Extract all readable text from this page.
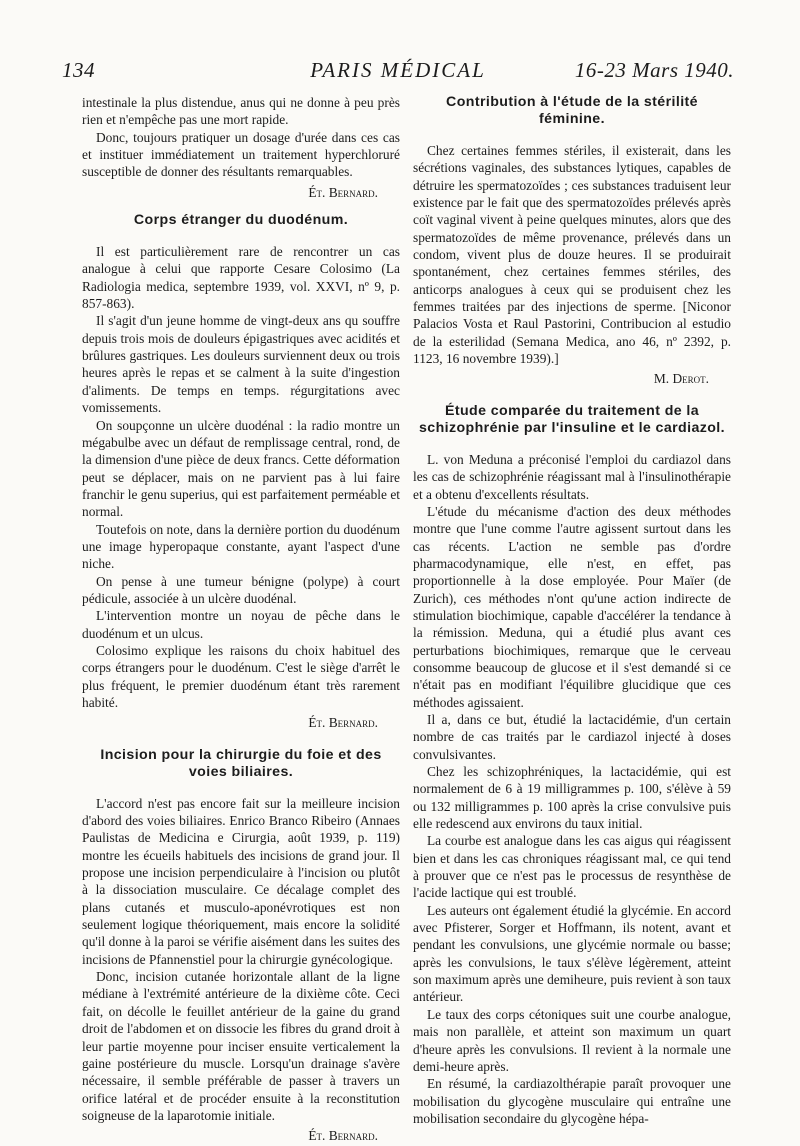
134	PARIS MÉDICAL	16-23 Mars 1940.

intestinale la plus distendue, anus qui ne donne à peu près rien et n'empêche pas une mort rapide.

Donc, toujours pratiquer un dosage d'urée dans ces cas et instituer immédiatement un traitement hyperchloruré susceptible de donner des résultants remarquables.

Ét. Bernard.

Corps étranger du duodénum.

Il est particulièrement rare de rencontrer un cas analogue à celui que rapporte Cesare Colosimo (La Radiologia medica, septembre 1939, vol. XXVI, nº 9, p. 857-863).

Il s'agit d'un jeune homme de vingt-deux ans qu souffre depuis trois mois de douleurs épigastriques avec acidités et brûlures gastriques. Les douleurs surviennent deux ou trois heures après le repas et se calment à la suite d'ingestion d'aliments. De temps en temps. régurgitations avec vomissements.

On soupçonne un ulcère duodénal : la radio montre un mégabulbe avec un défaut de remplissage central, rond, de la dimension d'une pièce de deux francs. Cette déformation peut se déplacer, mais on ne parvient pas à lui faire franchir le genu superius, qui est parfaitement perméable et normal.

Toutefois on note, dans la dernière portion du duodénum une image hyperopaque constante, ayant l'aspect d'une niche.

On pense à une tumeur bénigne (polype) à court pédicule, associée à un ulcère duodénal.

L'intervention montre un noyau de pêche dans le duodénum et un ulcus.

Colosimo explique les raisons du choix habituel des corps étrangers pour le duodénum. C'est le siège d'arrêt le plus fréquent, le premier duodénum étant très rarement habité.

Ét. Bernard.

Incision pour la chirurgie du foie et des voies biliaires.

L'accord n'est pas encore fait sur la meilleure incision d'abord des voies biliaires. Enrico Branco Ribeiro (Annaes Paulistas de Medicina e Cirurgia, août 1939, p. 119) montre les écueils habituels des incisions de grand jour. Il propose une incision perpendiculaire à l'incision ou plutôt à la dissociation musculaire. Ce décalage complet des plans cutanés et musculo-aponévrotiques est non seulement logique théoriquement, mais encore la solidité qu'il donne à la paroi se vérifie aisément dans les suites des incisions de Pfannenstiel pour la chirurgie gynécologique.

Donc, incision cutanée horizontale allant de la ligne médiane à l'extrémité antérieure de la dixième côte. Ceci fait, on décolle le feuillet antérieur de la gaine du grand droit de l'abdomen et on dissocie les fibres du grand droit à leur partie moyenne pour inciser ensuite verticalement la gaine postérieure du muscle. Lorsqu'un drainage s'avère nécessaire, il semble préférable de passer à travers un orifice latéral et de procéder ensuite à la reconstitution soigneuse de la laparotomie initiale.

Ét. Bernard.

Contribution à l'étude de la stérilité féminine.

Chez certaines femmes stériles, il existerait, dans les sécrétions vaginales, des substances lytiques, capables de détruire les spermatozoïdes ; ces substances traduisent leur existence par le fait que des spermatozoïdes prélevés après coït vaginal vivent à peine quelques minutes, alors que des spermatozoïdes de même provenance, prélevés dans un condom, vivent plus de douze heures. Il se produirait spontanément, chez certaines femmes stériles, des anticorps analogues à ceux qui se produisent chez les femmes traitées par des injections de sperme. [Niconor Palacios Vosta et Raul Pastorini, Contribucion al estudio de la esterilidad (Semana Medica, ano 46, nº 2392, p. 1123, 16 novembre 1939).]

M. Derot.

Étude comparée du traitement de la schizophrénie par l'insuline et le cardiazol.

L. von Meduna a préconisé l'emploi du cardiazol dans les cas de schizophrénie réagissant mal à l'insulinothérapie et a obtenu d'excellents résultats.

L'étude du mécanisme d'action des deux méthodes montre que l'une comme l'autre agissent surtout dans les cas récents. L'action ne semble pas d'ordre pharmacodynamique, elle n'est, en effet, pas proportionnelle à la dose employée. Pour Maïer (de Zurich), ces méthodes n'ont qu'une action indirecte de stimulation biochimique, capable d'accélérer la tendance à la rémission. Meduna, qui a étudié plus avant ces perturbations biochimiques, remarque que le cerveau consomme beaucoup de glucose et il s'est demandé si ce n'était pas en modifiant l'équilibre glucidique que ces méthodes agissaient.

Il a, dans ce but, étudié la lactacidémie, d'un certain nombre de cas traités par le cardiazol injecté à doses convulsivantes.

Chez les schizophréniques, la lactacidémie, qui est normalement de 6 à 19 milligrammes p. 100, s'élève à 59 ou 132 milligrammes p. 100 après la crise convulsive puis elle redescend aux environs du taux initial.

La courbe est analogue dans les cas aigus qui réagissent bien et dans les cas chroniques réagissant mal, ce qui tend à prouver que ce n'est pas le processus de resynthèse de l'acide lactique qui est troublé.

Les auteurs ont également étudié la glycémie. En accord avec Pfisterer, Sorger et Hoffmann, ils notent, avant et pendant les convulsions, une glycémie normale ou basse; après les convulsions, le taux s'élève légèrement, atteint son maximum après une demiheure, puis revient à son taux antérieur.

Le taux des corps cétoniques suit une courbe analogue, mais non parallèle, et atteint son maximum un quart d'heure après les convulsions. Il revient à la normale une demi-heure après.

En résumé, la cardiazolthérapie paraît provoquer une mobilisation du glycogène musculaire qui entraîne une mobilisation secondaire du glycogène hépa-
